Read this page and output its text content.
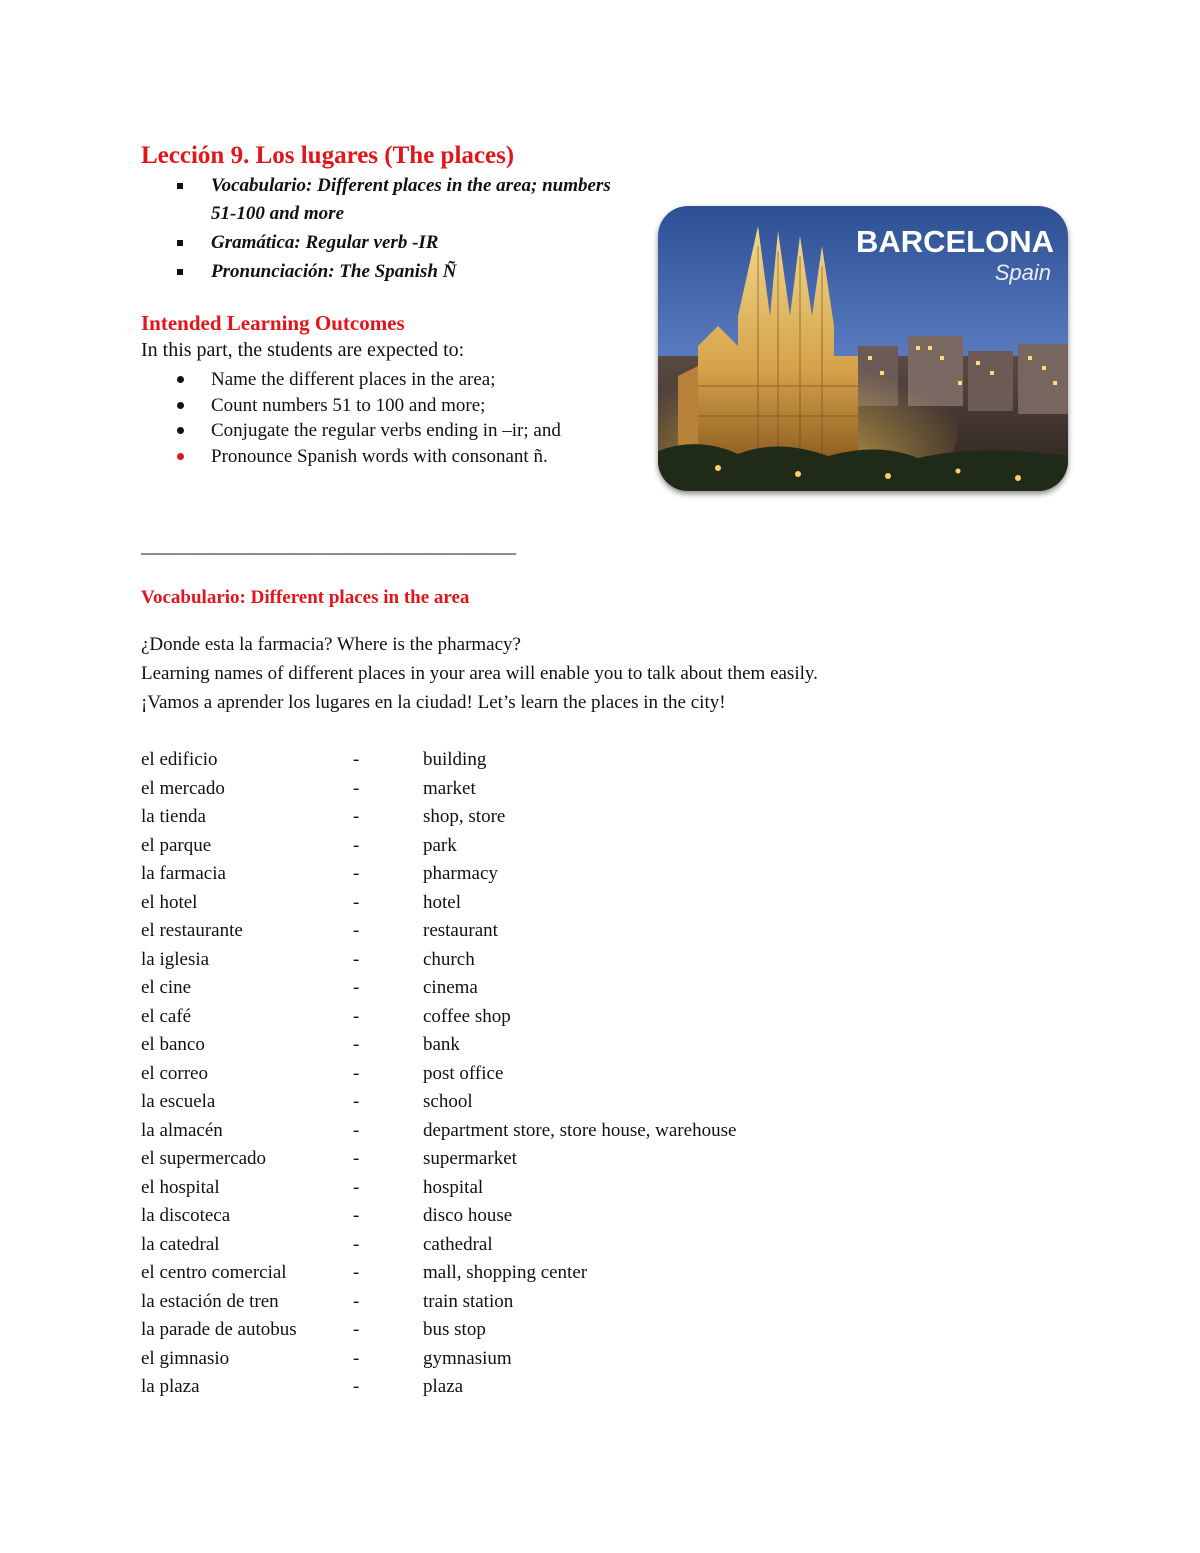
Lección 9. Los lugares (The places)
Vocabulario: Different places in the area; numbers 51-100 and more
Gramática: Regular verb -IR
Pronunciación: The Spanish Ñ
BARCELONA
Spain
Intended Learning Outcomes

In this part, the students are expected to:

Name the different places in the area;
Count numbers 51 to 100 and more;
Conjugate the regular verbs ending in –ir; and
Pronounce Spanish words with consonant ñ.

____________________________________________

Vocabulario: Different places in the area

¿Donde esta la farmacia? Where is the pharmacy?

Learning names of different places in your area will enable you to talk about them easily.

¡Vamos a aprender los lugares en la ciudad! Let’s learn the places in the city!

el edificio	-	building
el mercado	-	market
la tienda	-	shop, store
el parque	-	park
la farmacia	-	pharmacy
el hotel	-	hotel
el restaurante	-	restaurant
la iglesia	-	church
el cine	-	cinema
el café	-	coffee shop
el banco	-	bank
el correo	-	post office
la escuela	-	school
la almacén	-	department store, store house, warehouse
el supermercado	-	supermarket
el hospital	-	hospital
la discoteca	-	disco house
la catedral	-	cathedral
el centro comercial	-	mall, shopping center
la estación de tren	-	train station
la parade de autobus	-	bus stop
el gimnasio	-	gymnasium
la plaza	-	plaza
